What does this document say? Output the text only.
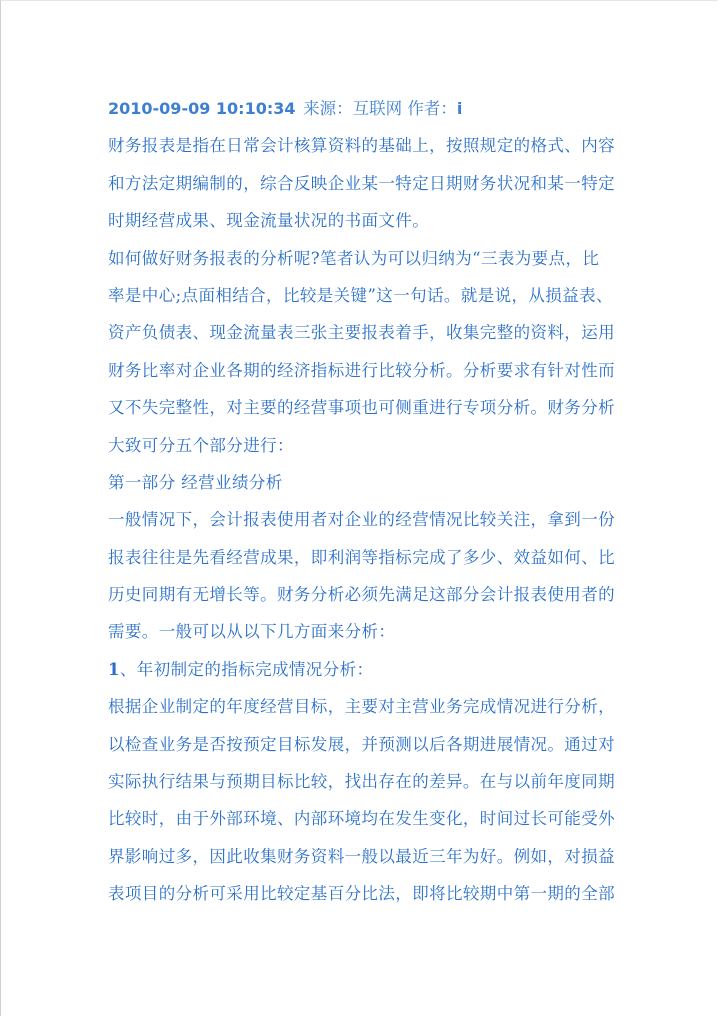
2010-09-09 10:10:34 来源：互联网 作者：i
财务报表是指在日常会计核算资料的基础上，按照规定的格式、内容
和方法定期编制的，综合反映企业某一特定日期财务状况和某一特定
时期经营成果、现金流量状况的书面文件。
如何做好财务报表的分析呢?笔者认为可以归纳为“三表为要点，比
率是中心;点面相结合，比较是关键”这一句话。就是说，从损益表、
资产负债表、现金流量表三张主要报表着手，收集完整的资料，运用
财务比率对企业各期的经济指标进行比较分析。分析要求有针对性而
又不失完整性，对主要的经营事项也可侧重进行专项分析。财务分析
大致可分五个部分进行：
第一部分 经营业绩分析
一般情况下，会计报表使用者对企业的经营情况比较关注，拿到一份
报表往往是先看经营成果，即利润等指标完成了多少、效益如何、比
历史同期有无增长等。财务分析必须先满足这部分会计报表使用者的
需要。一般可以从以下几方面来分析：
1、年初制定的指标完成情况分析：
根据企业制定的年度经营目标，主要对主营业务完成情况进行分析，
以检查业务是否按预定目标发展，并预测以后各期进展情况。通过对
实际执行结果与预期目标比较，找出存在的差异。在与以前年度同期
比较时，由于外部环境、内部环境均在发生变化，时间过长可能受外
界影响过多，因此收集财务资料一般以最近三年为好。例如，对损益
表项目的分析可采用比较定基百分比法，即将比较期中第一期的全部
